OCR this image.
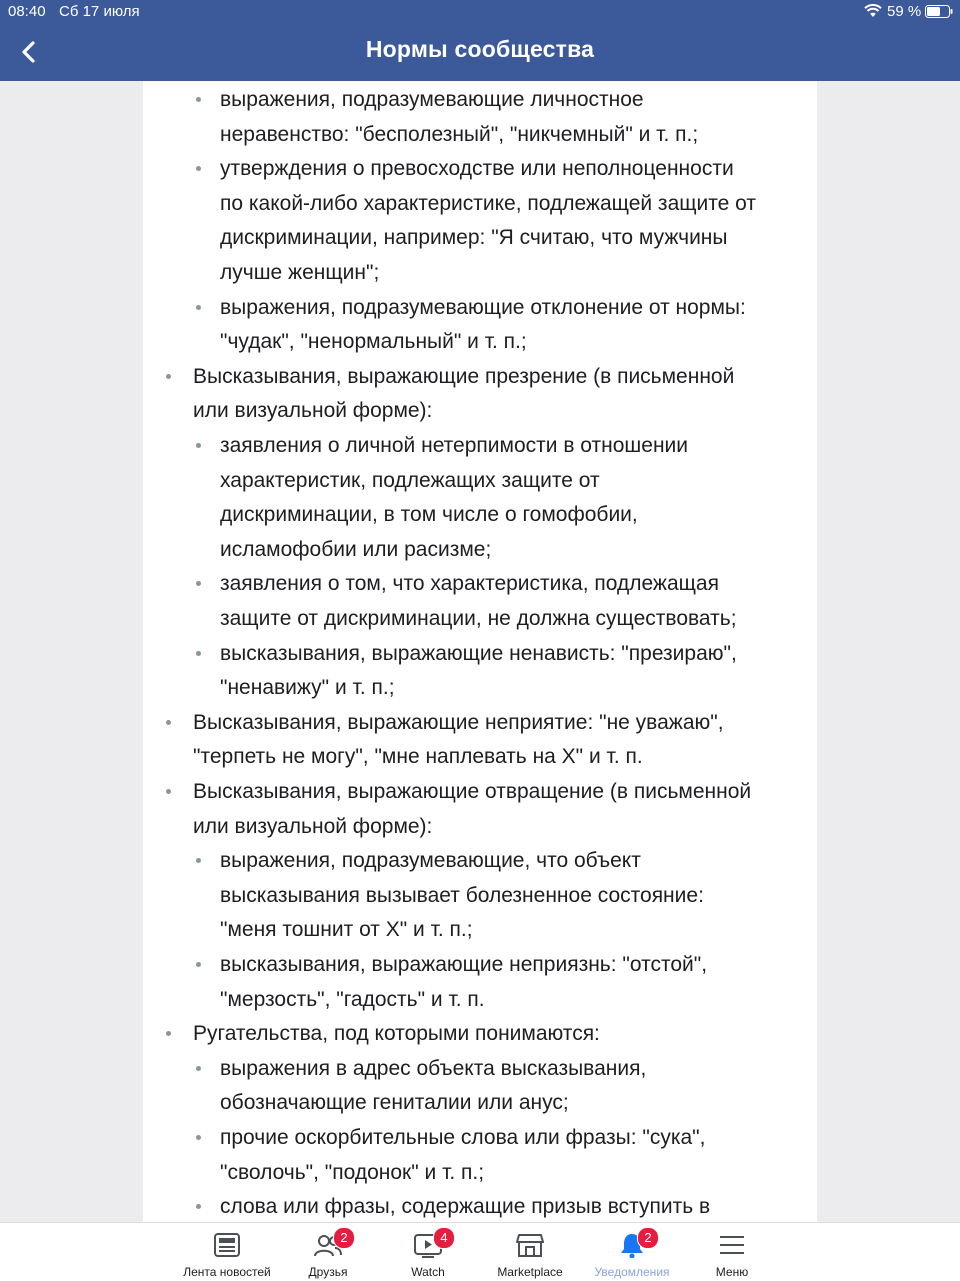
08:40 Сб 17 июля	59 %
Нормы сообщества
выражения, подразумевающие личностное
неравенство: "бесполезный", "никчемный" и т. п.;
утверждения о превосходстве или неполноценности
по какой-либо характеристике, подлежащей защите от
дискриминации, например: "Я считаю, что мужчины
лучше женщин";
выражения, подразумевающие отклонение от нормы:
"чудак", "ненормальный" и т. п.;
Высказывания, выражающие презрение (в письменной
или визуальной форме):
заявления о личной нетерпимости в отношении
характеристик, подлежащих защите от
дискриминации, в том числе о гомофобии,
исламофобии или расизме;
заявления о том, что характеристика, подлежащая
защите от дискриминации, не должна существовать;
высказывания, выражающие ненависть: "презираю",
"ненавижу" и т. п.;
Высказывания, выражающие неприятие: "не уважаю",
"терпеть не могу", "мне наплевать на X" и т. п.
Высказывания, выражающие отвращение (в письменной
или визуальной форме):
выражения, подразумевающие, что объект
высказывания вызывает болезненное состояние:
"меня тошнит от X" и т. п.;
высказывания, выражающие неприязнь: "отстой",
"мерзость", "гадость" и т. п.
Ругательства, под которыми понимаются:
выражения в адрес объекта высказывания,
обозначающие гениталии или анус;
прочие оскорбительные слова или фразы: "сука",
"сволочь", "подонок" и т. п.;
слова или фразы, содержащие призыв вступить в
Лента новостей
2
Друзья
4
Watch	Marketplace
2
Уведомления	Меню
